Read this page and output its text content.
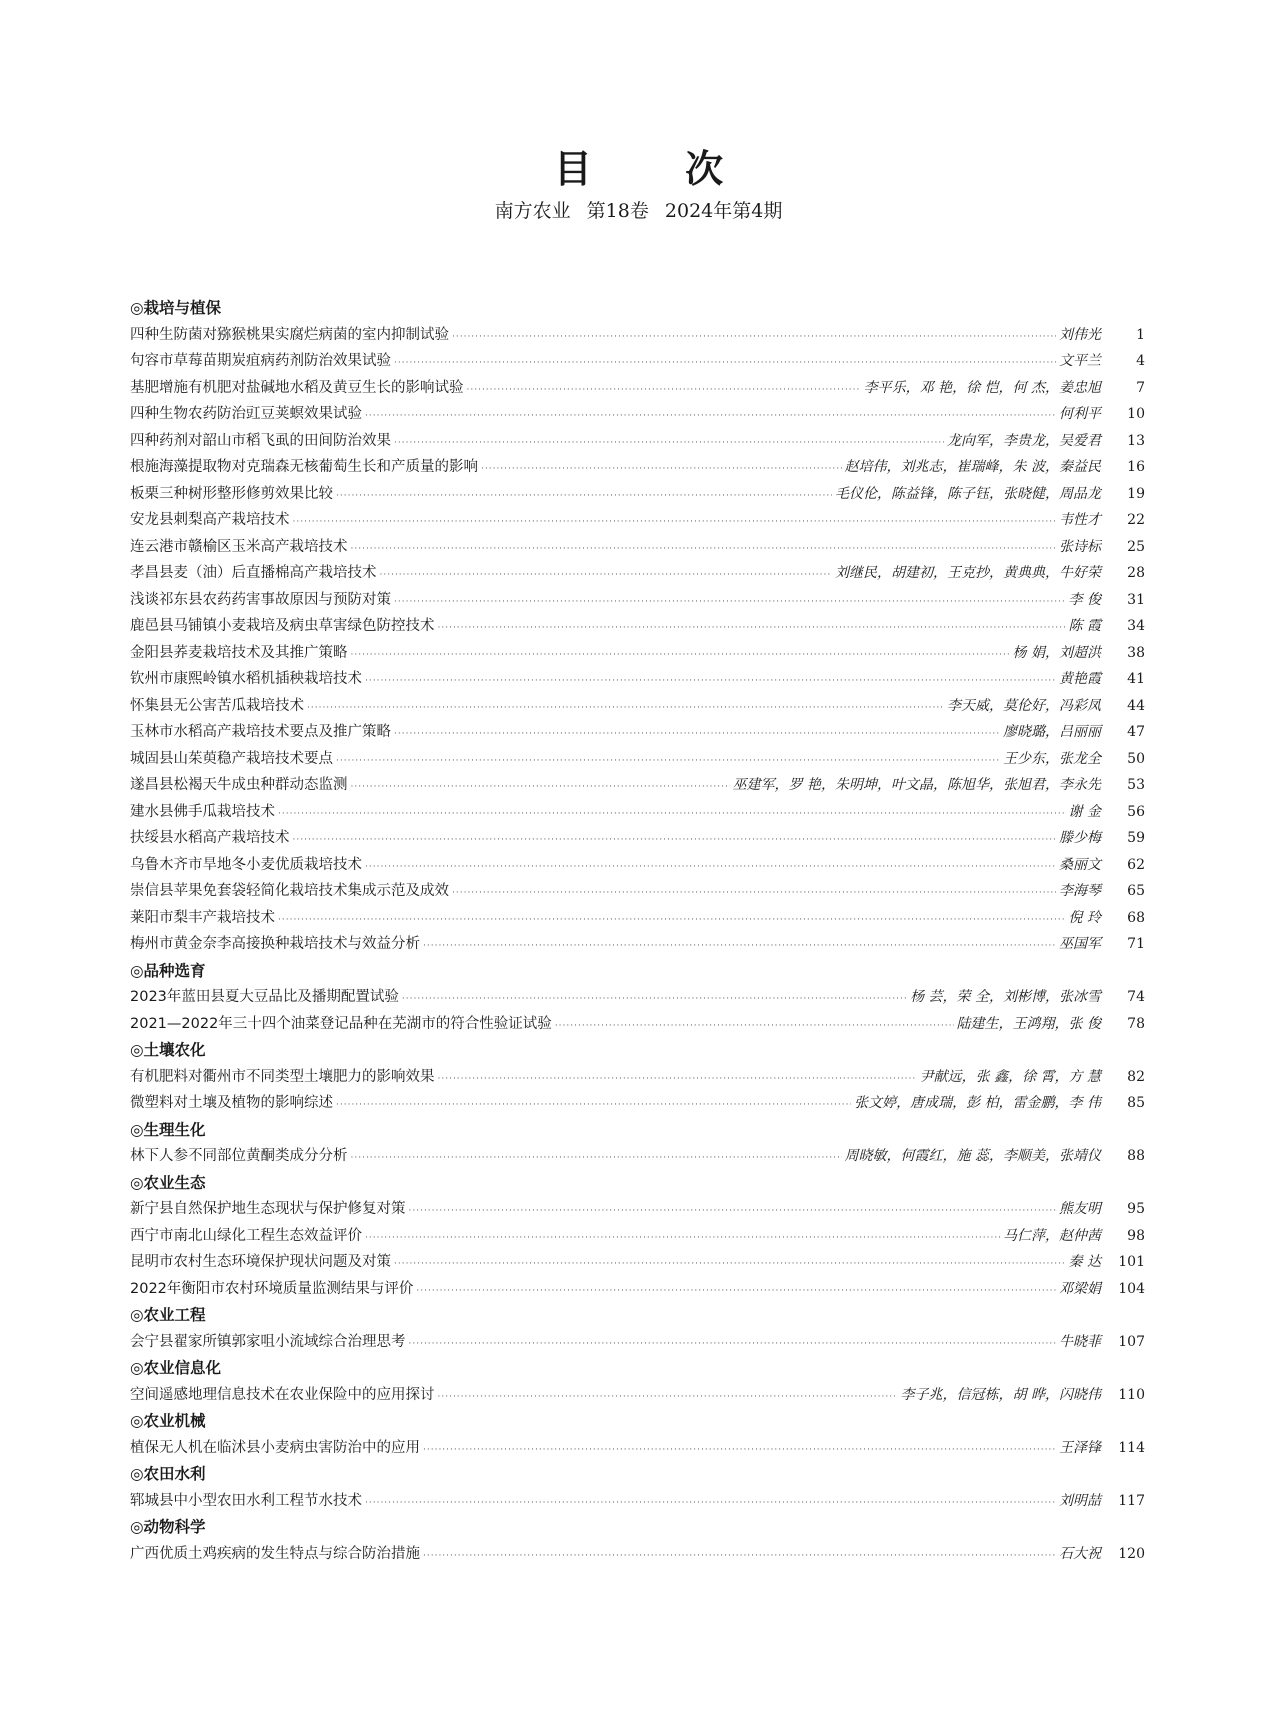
目 次
南方农业 第18卷 2024年第4期
◎栽培与植保
四种生防菌对猕猴桃果实腐烂病菌的室内抑制试验 ·····	刘伟光	1
句容市草莓苗期炭疽病药剂防治效果试验 ·····	文平兰	4
基肥增施有机肥对盐碱地水稻及黄豆生长的影响试验 ·····	李平乐，邓 艳，徐 恺，何 杰，姜忠旭	7
四种生物农药防治豇豆荚螟效果试验 ·····	何利平	10
四种药剂对韶山市稻飞虱的田间防治效果 ·····	龙向军，李贵龙，吴爱君	13
根施海藻提取物对克瑞森无核葡萄生长和产质量的影响 ·····	赵培伟，刘兆志，崔瑞峰，朱 波，秦益民	16
板栗三种树形整形修剪效果比较 ·····	毛仪伦，陈益锋，陈子钰，张晓健，周品龙	19
安龙县刺梨高产栽培技术 ·····	韦性才	22
连云港市赣榆区玉米高产栽培技术 ·····	张诗标	25
孝昌县麦（油）后直播棉高产栽培技术 ·····	刘继民，胡建初，王克抄，黄典典，牛好荣	28
浅谈祁东县农药药害事故原因与预防对策 ·····	李 俊	31
鹿邑县马铺镇小麦栽培及病虫草害绿色防控技术 ·····	陈 霞	34
金阳县荞麦栽培技术及其推广策略 ·····	杨 娟，刘超洪	38
钦州市康熙岭镇水稻机插秧栽培技术 ·····	黄艳霞	41
怀集县无公害苦瓜栽培技术 ·····	李天威，莫伦好，冯彩凤	44
玉林市水稻高产栽培技术要点及推广策略 ·····	廖晓璐，吕丽丽	47
城固县山茱萸稳产栽培技术要点 ·····	王少东，张龙全	50
遂昌县松褐天牛成虫种群动态监测 ·····	巫建军，罗 艳，朱明坤，叶文晶，陈旭华，张旭君，李永先	53
建水县佛手瓜栽培技术 ·····	谢 金	56
扶绥县水稻高产栽培技术 ·····	滕少梅	59
乌鲁木齐市旱地冬小麦优质栽培技术 ·····	桑丽文	62
崇信县苹果免套袋轻简化栽培技术集成示范及成效 ·····	李海琴	65
莱阳市梨丰产栽培技术 ·····	倪 玲	68
梅州市黄金奈李高接换种栽培技术与效益分析 ·····	巫国军	71
◎品种选育
2023年蓝田县夏大豆品比及播期配置试验 ·····	杨 芸，荣 全，刘彬博，张冰雪	74
2021—2022年三十四个油菜登记品种在芜湖市的符合性验证试验 ·····	陆建生，王鸿翔，张 俊	78
◎土壤农化
有机肥料对衢州市不同类型土壤肥力的影响效果 ·····	尹献远，张 鑫，徐 霄，方 慧	82
微塑料对土壤及植物的影响综述 ·····	张文婷，唐成瑞，彭 柏，雷金鹏，李 伟	85
◎生理生化
林下人参不同部位黄酮类成分分析 ·····	周晓敏，何霞红，施 蕊，李顺美，张靖仪	88
◎农业生态
新宁县自然保护地生态现状与保护修复对策 ·····	熊友明	95
西宁市南北山绿化工程生态效益评价 ·····	马仁萍，赵仲茜	98
昆明市农村生态环境保护现状问题及对策 ·····	秦 达	101
2022年衡阳市农村环境质量监测结果与评价 ·····	邓梁娟	104
◎农业工程
会宁县翟家所镇郭家咀小流域综合治理思考 ·····	牛晓菲	107
◎农业信息化
空间遥感地理信息技术在农业保险中的应用探讨 ·····	李子兆，信冠栋，胡 晔，闪晓伟	110
◎农业机械
植保无人机在临沭县小麦病虫害防治中的应用 ·····	王泽锋	114
◎农田水利
郓城县中小型农田水利工程节水技术 ·····	刘明喆	117
◎动物科学
广西优质土鸡疾病的发生特点与综合防治措施 ·····	石大祝	120
